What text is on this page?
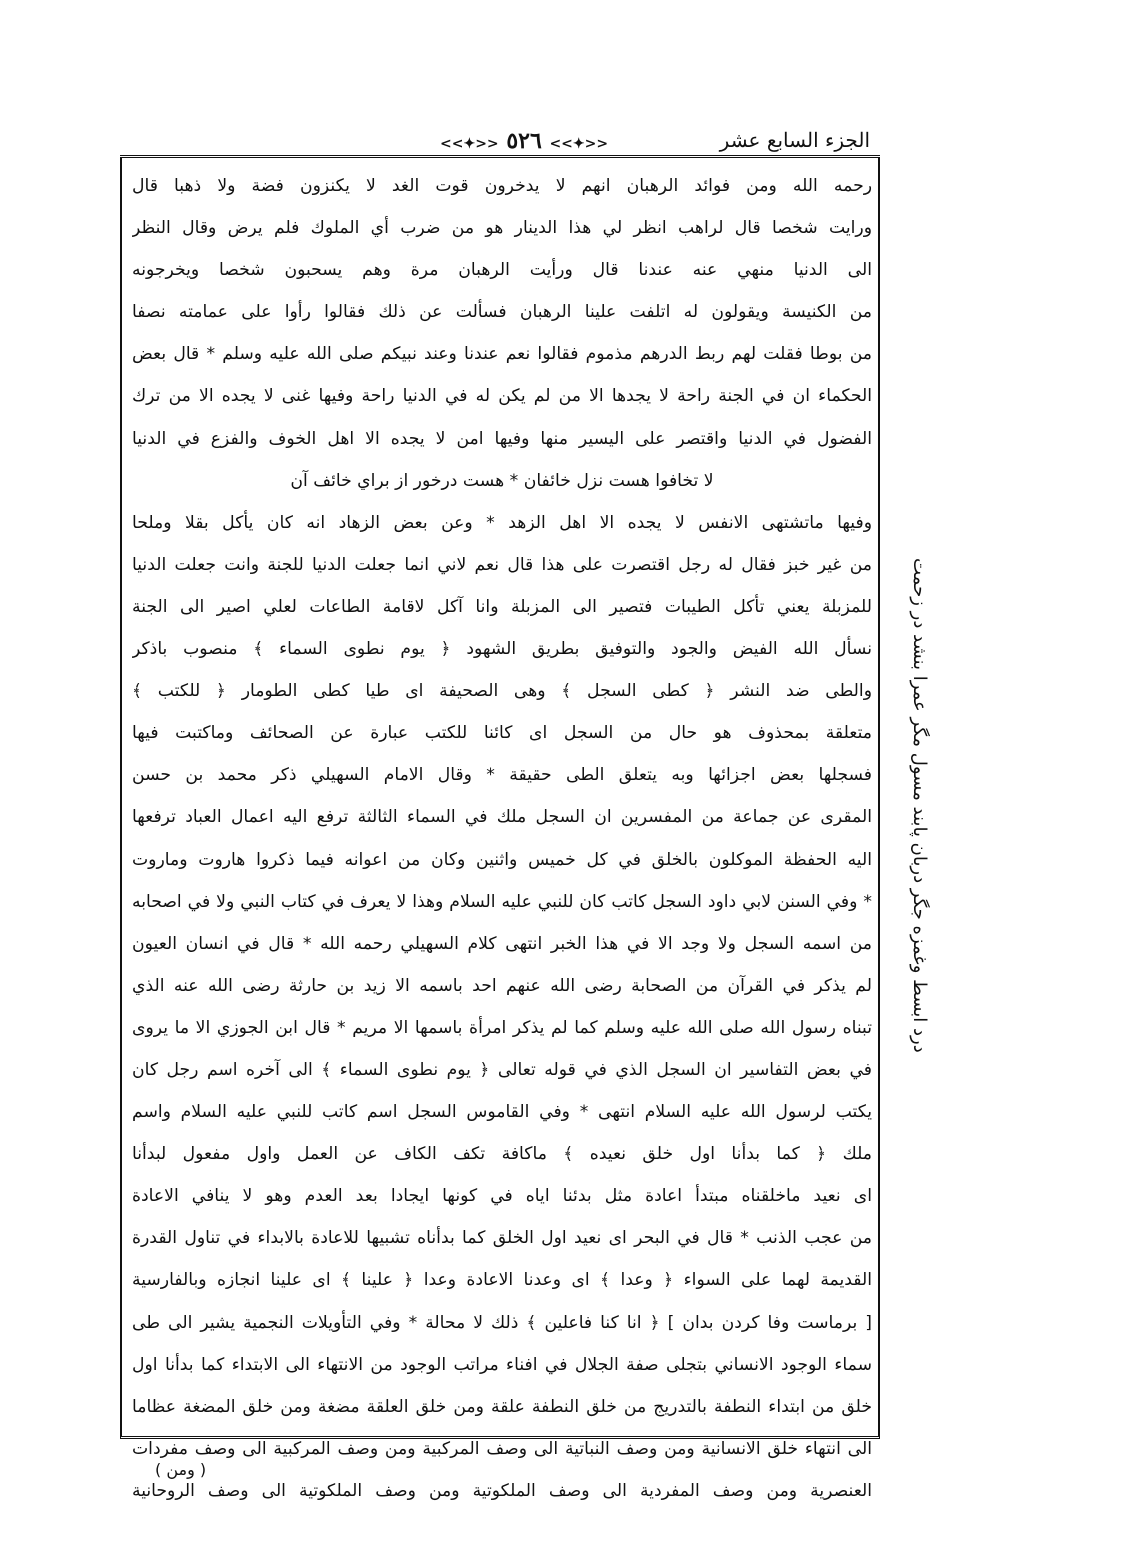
<<✦>> ٥٢٦ <<✦>>	الجزء السابع عشر
رحمه الله ومن فوائد الرهبان انهم لا يدخرون قوت الغد لا يكنزون فضة ولا ذهبا قال
ورايت شخصا قال لراهب انظر لي هذا الدينار هو من ضرب أي الملوك فلم يرض وقال النظر
الى الدنيا منهي عنه عندنا قال ورأيت الرهبان مرة وهم يسحبون شخصا ويخرجونه
من الكنيسة ويقولون له اتلفت علينا الرهبان فسألت عن ذلك فقالوا رأوا على عمامته نصفا
من بوطا فقلت لهم ربط الدرهم مذموم فقالوا نعم عندنا وعند نبيكم صلى الله عليه وسلم * قال بعض
الحكماء ان في الجنة راحة لا يجدها الا من لم يكن له في الدنيا راحة وفيها غنى لا يجده الا من ترك
الفضول في الدنيا واقتصر على اليسير منها وفيها امن لا يجده الا اهل الخوف والفزع في الدنيا
لا تخافوا هست نزل خائفان * هست درخور از براي خائف آن
وفيها ماتشتهى الانفس لا يجده الا اهل الزهد * وعن بعض الزهاد انه كان يأكل بقلا وملحا
من غير خبز فقال له رجل اقتصرت على هذا قال نعم لاني انما جعلت الدنيا للجنة وانت جعلت الدنيا
للمزبلة يعني تأكل الطيبات فتصير الى المزبلة وانا آكل لاقامة الطاعات لعلي اصير الى الجنة
نسأل الله الفيض والجود والتوفيق بطريق الشهود ﴿ يوم نطوى السماء ﴾ منصوب باذكر
والطى ضد النشر ﴿ كطى السجل ﴾ وهى الصحيفة اى طيا كطى الطومار ﴿ للكتب ﴾
متعلقة بمحذوف هو حال من السجل اى كائنا للكتب عبارة عن الصحائف وماكتبت فيها
فسجلها بعض اجزائها وبه يتعلق الطى حقيقة * وقال الامام السهيلي ذكر محمد بن حسن
المقرى عن جماعة من المفسرين ان السجل ملك في السماء الثالثة ترفع اليه اعمال العباد ترفعها
اليه الحفظة الموكلون بالخلق في كل خميس واثنين وكان من اعوانه فيما ذكروا هاروت وماروت
* وفي السنن لابي داود السجل كاتب كان للنبي عليه السلام وهذا لا يعرف في كتاب النبي ولا في اصحابه
من اسمه السجل ولا وجد الا في هذا الخبر انتهى كلام السهيلي رحمه الله * قال في انسان العيون
لم يذكر في القرآن من الصحابة رضى الله عنهم احد باسمه الا زيد بن حارثة رضى الله عنه الذي
تبناه رسول الله صلى الله عليه وسلم كما لم يذكر امرأة باسمها الا مريم * قال ابن الجوزي الا ما يروى
في بعض التفاسير ان السجل الذي في قوله تعالى ﴿ يوم نطوى السماء ﴾ الى آخره اسم رجل كان
يكتب لرسول الله عليه السلام انتهى * وفي القاموس السجل اسم كاتب للنبي عليه السلام واسم
ملك ﴿ كما بدأنا اول خلق نعيده ﴾ ماكافة تكف الكاف عن العمل واول مفعول لبدأنا
اى نعيد ماخلقناه مبتدأ اعادة مثل بدئنا اياه في كونها ايجادا بعد العدم وهو لا ينافي الاعادة
من عجب الذنب * قال في البحر اى نعيد اول الخلق كما بدأناه تشبيها للاعادة بالابداء في تناول القدرة
القديمة لهما على السواء ﴿ وعدا ﴾ اى وعدنا الاعادة وعدا ﴿ علينا ﴾ اى علينا انجازه وبالفارسية
[ برماست وفا كردن بدان ] ﴿ انا كنا فاعلين ﴾ ذلك لا محالة * وفي التأويلات النجمية يشير الى طى
سماء الوجود الانساني بتجلى صفة الجلال في افناء مراتب الوجود من الانتهاء الى الابتداء كما بدأنا اول
خلق من ابتداء النطفة بالتدريج من خلق النطفة علقة ومن خلق العلقة مضغة ومن خلق المضغة عظاما
الى انتهاء خلق الانسانية ومن وصف النباتية الى وصف المركبية ومن وصف المركبية الى وصف مفردات
العنصرية ومن وصف المفردية الى وصف الملكوتية ومن وصف الملكوتية الى وصف الروحانية
درد ابسط وغمزه جگر دربان پابند مسول مگر عمرا بنشد در زحمت
( ومن )
